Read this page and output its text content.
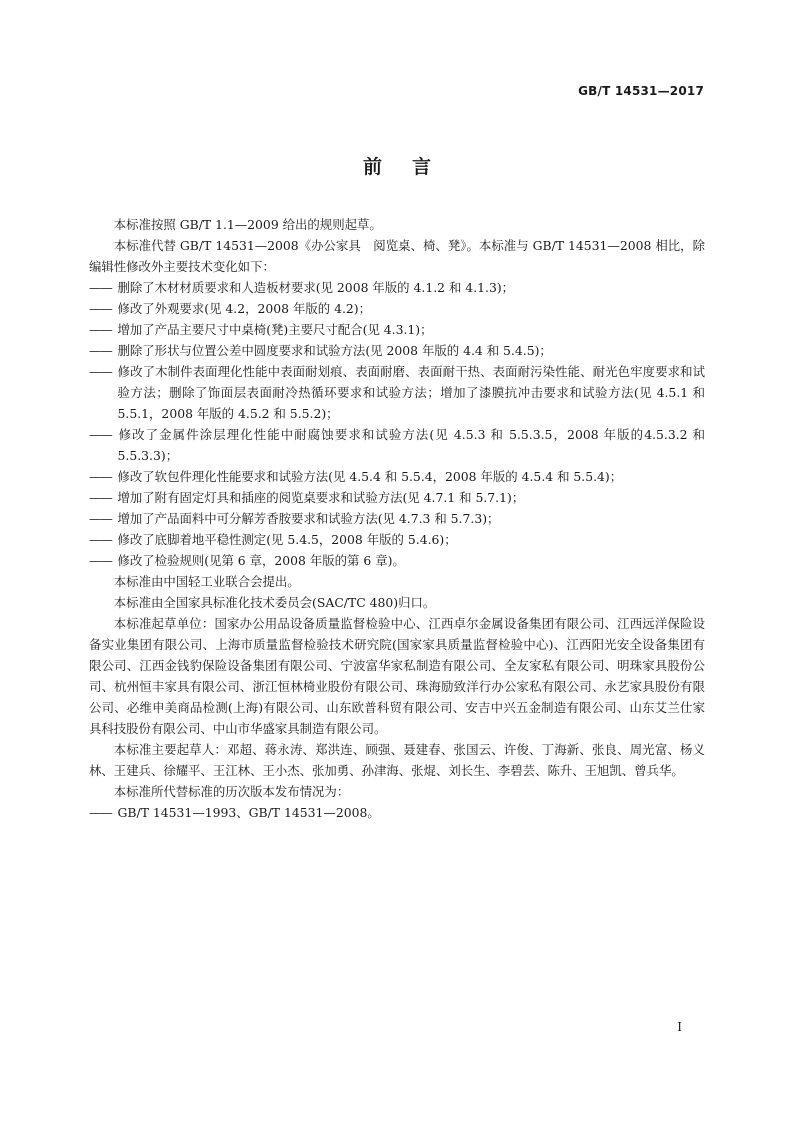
GB/T 14531—2017
前言

本标准按照 GB/T 1.1—2009 给出的规则起草。

本标准代替 GB/T 14531—2008《办公家具　阅览桌、椅、凳》。本标准与 GB/T 14531—2008 相比，除编辑性修改外主要技术变化如下：

—— 删除了木材材质要求和人造板材要求(见 2008 年版的 4.1.2 和 4.1.3)；

—— 修改了外观要求(见 4.2，2008 年版的 4.2)；

—— 增加了产品主要尺寸中桌椅(凳)主要尺寸配合(见 4.3.1)；

—— 删除了形状与位置公差中圆度要求和试验方法(见 2008 年版的 4.4 和 5.4.5)；

—— 修改了木制件表面理化性能中表面耐划痕、表面耐磨、表面耐干热、表面耐污染性能、耐光色牢度要求和试验方法；删除了饰面层表面耐冷热循环要求和试验方法；增加了漆膜抗冲击要求和试验方法(见 4.5.1 和 5.5.1，2008 年版的 4.5.2 和 5.5.2)；

—— 修改了金属件涂层理化性能中耐腐蚀要求和试验方法(见 4.5.3 和 5.5.3.5，2008 年版的4.5.3.2 和 5.5.3.3)；

—— 修改了软包件理化性能要求和试验方法(见 4.5.4 和 5.5.4，2008 年版的 4.5.4 和 5.5.4)；

—— 增加了附有固定灯具和插座的阅览桌要求和试验方法(见 4.7.1 和 5.7.1)；

—— 增加了产品面料中可分解芳香胺要求和试验方法(见 4.7.3 和 5.7.3)；

—— 修改了底脚着地平稳性测定(见 5.4.5，2008 年版的 5.4.6)；

—— 修改了检验规则(见第 6 章，2008 年版的第 6 章)。

本标准由中国轻工业联合会提出。

本标准由全国家具标准化技术委员会(SAC/TC 480)归口。

本标准起草单位：国家办公用品设备质量监督检验中心、江西卓尔金属设备集团有限公司、江西远洋保险设备实业集团有限公司、上海市质量监督检验技术研究院(国家家具质量监督检验中心)、江西阳光安全设备集团有限公司、江西金钱豹保险设备集团有限公司、宁波富华家私制造有限公司、全友家私有限公司、明珠家具股份公司、杭州恒丰家具有限公司、浙江恒林椅业股份有限公司、珠海励致洋行办公家私有限公司、永艺家具股份有限公司、必维申美商品检测(上海)有限公司、山东欧普科贸有限公司、安吉中兴五金制造有限公司、山东艾兰仕家具科技股份有限公司、中山市华盛家具制造有限公司。

本标准主要起草人：邓超、蒋永涛、郑洪连、顾强、聂建春、张国云、许俊、丁海新、张良、周光富、杨义林、王建兵、徐耀平、王江林、王小杰、张加勇、孙津海、张焜、刘长生、李碧芸、陈升、王旭凯、曾兵华。

本标准所代替标准的历次版本发布情况为：

—— GB/T 14531—1993、GB/T 14531—2008。

I
